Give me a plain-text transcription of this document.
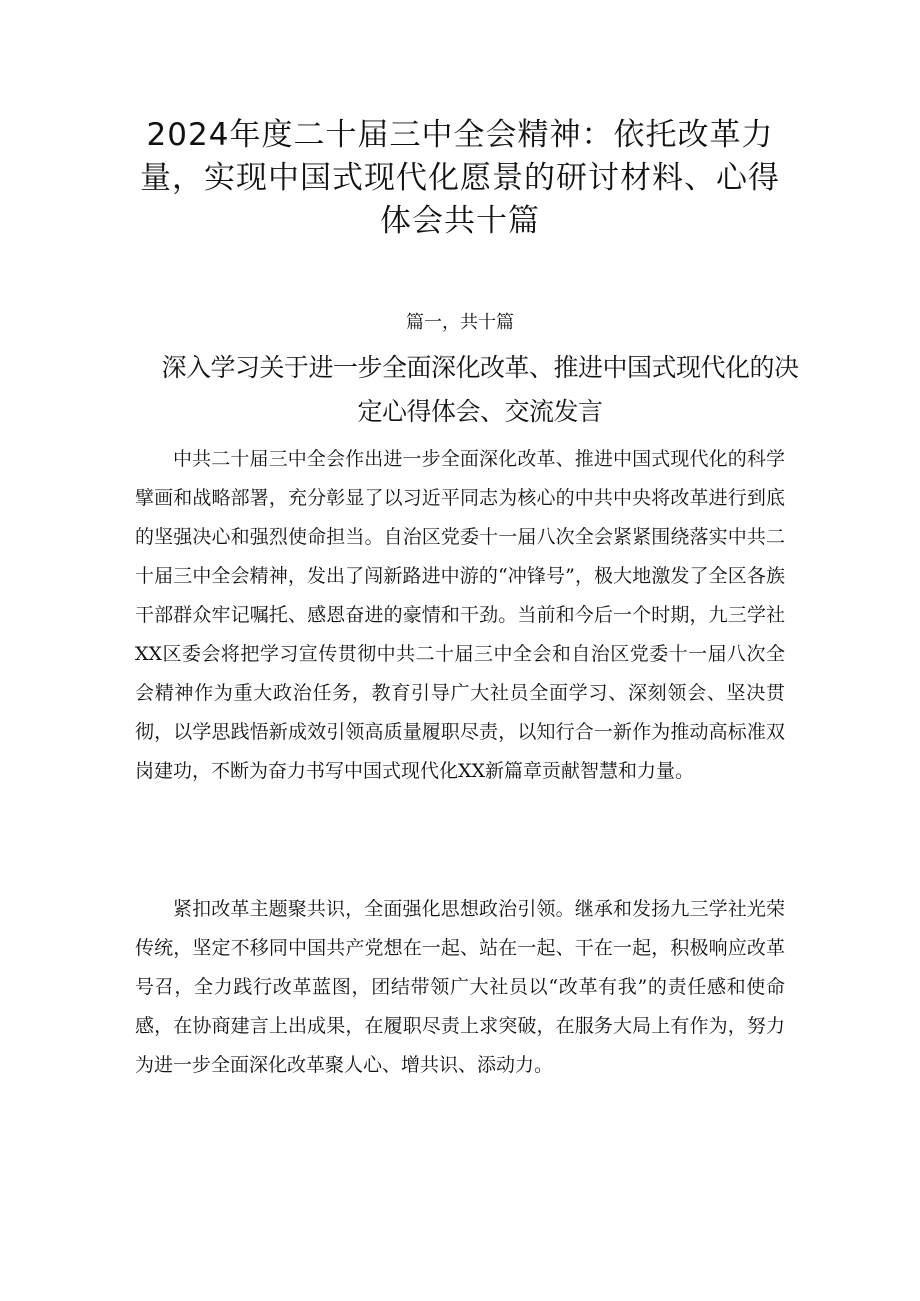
2024年度二十届三中全会精神：依托改革力量，实现中国式现代化愿景的研讨材料、心得体会共十篇

篇一，共十篇

深入学习关于进一步全面深化改革、推进中国式现代化的决定心得体会、交流发言

中共二十届三中全会作出进一步全面深化改革、推进中国式现代化的科学擘画和战略部署，充分彰显了以习近平同志为核心的中共中央将改革进行到底的坚强决心和强烈使命担当。自治区党委十一届八次全会紧紧围绕落实中共二十届三中全会精神，发出了闯新路进中游的“冲锋号”，极大地激发了全区各族干部群众牢记嘱托、感恩奋进的豪情和干劲。当前和今后一个时期，九三学社XX区委会将把学习宣传贯彻中共二十届三中全会和自治区党委十一届八次全会精神作为重大政治任务，教育引导广大社员全面学习、深刻领会、坚决贯彻，以学思践悟新成效引领高质量履职尽责，以知行合一新作为推动高标准双岗建功，不断为奋力书写中国式现代化XX新篇章贡献智慧和力量。

紧扣改革主题聚共识，全面强化思想政治引领。继承和发扬九三学社光荣传统，坚定不移同中国共产党想在一起、站在一起、干在一起，积极响应改革号召，全力践行改革蓝图，团结带领广大社员以“改革有我”的责任感和使命感，在协商建言上出成果，在履职尽责上求突破，在服务大局上有作为，努力为进一步全面深化改革聚人心、增共识、添动力。
